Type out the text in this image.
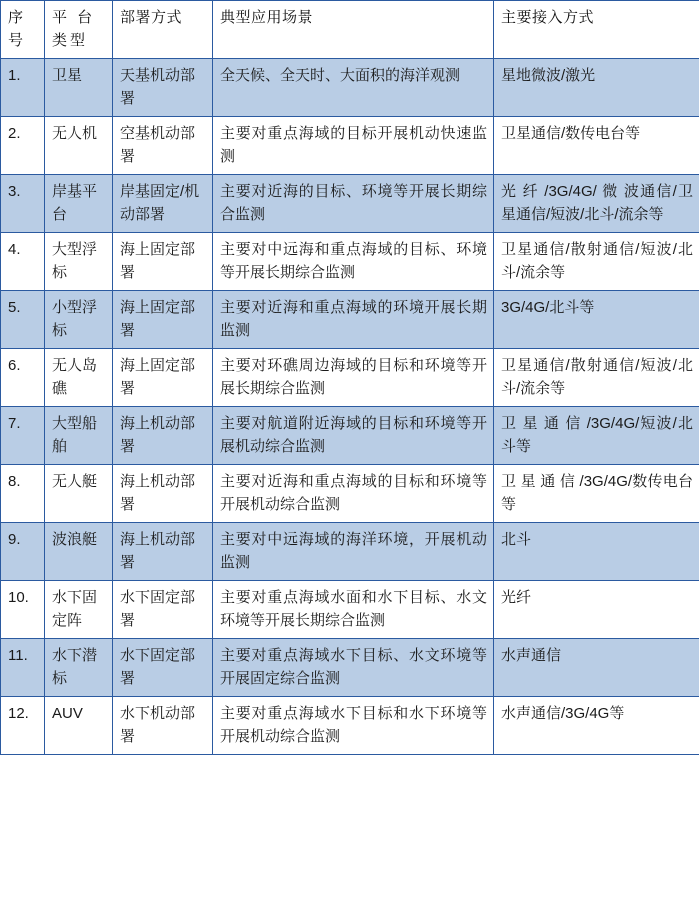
序 号	平 台 类型	部署方式	典型应用场景	主要接入方式
1.	卫星	天基机动部署	全天候、全天时、大面积的海洋观测	星地微波/激光
2.	无人机	空基机动部署	主要对重点海域的目标开展机动快速监测	卫星通信/数传电台等
3.	岸基平台	岸基固定/机动部署	主要对近海的目标、环境等开展长期综合监测	光 纤 /3G/4G/ 微 波通信/卫星通信/短波/北斗/流余等
4.	大型浮标	海上固定部署	主要对中远海和重点海域的目标、环境等开展长期综合监测	卫星通信/散射通信/短波/北斗/流余等
5.	小型浮标	海上固定部署	主要对近海和重点海域的环境开展长期监测	3G/4G/北斗等
6.	无人岛礁	海上固定部署	主要对环礁周边海域的目标和环境等开展长期综合监测	卫星通信/散射通信/短波/北斗/流余等
7.	大型船舶	海上机动部署	主要对航道附近海域的目标和环境等开展机动综合监测	卫 星 通 信 /3G/4G/短波/北斗等
8.	无人艇	海上机动部署	主要对近海和重点海域的目标和环境等开展机动综合监测	卫 星 通 信 /3G/4G/数传电台等
9.	波浪艇	海上机动部署	主要对中远海域的海洋环境，开展机动监测	北斗
10.	水下固定阵	水下固定部署	主要对重点海域水面和水下目标、水文环境等开展长期综合监测	光纤
11.	水下潜标	水下固定部署	主要对重点海域水下目标、水文环境等开展固定综合监测	水声通信
12.	AUV	水下机动部署	主要对重点海域水下目标和水下环境等开展机动综合监测	水声通信/3G/4G等
